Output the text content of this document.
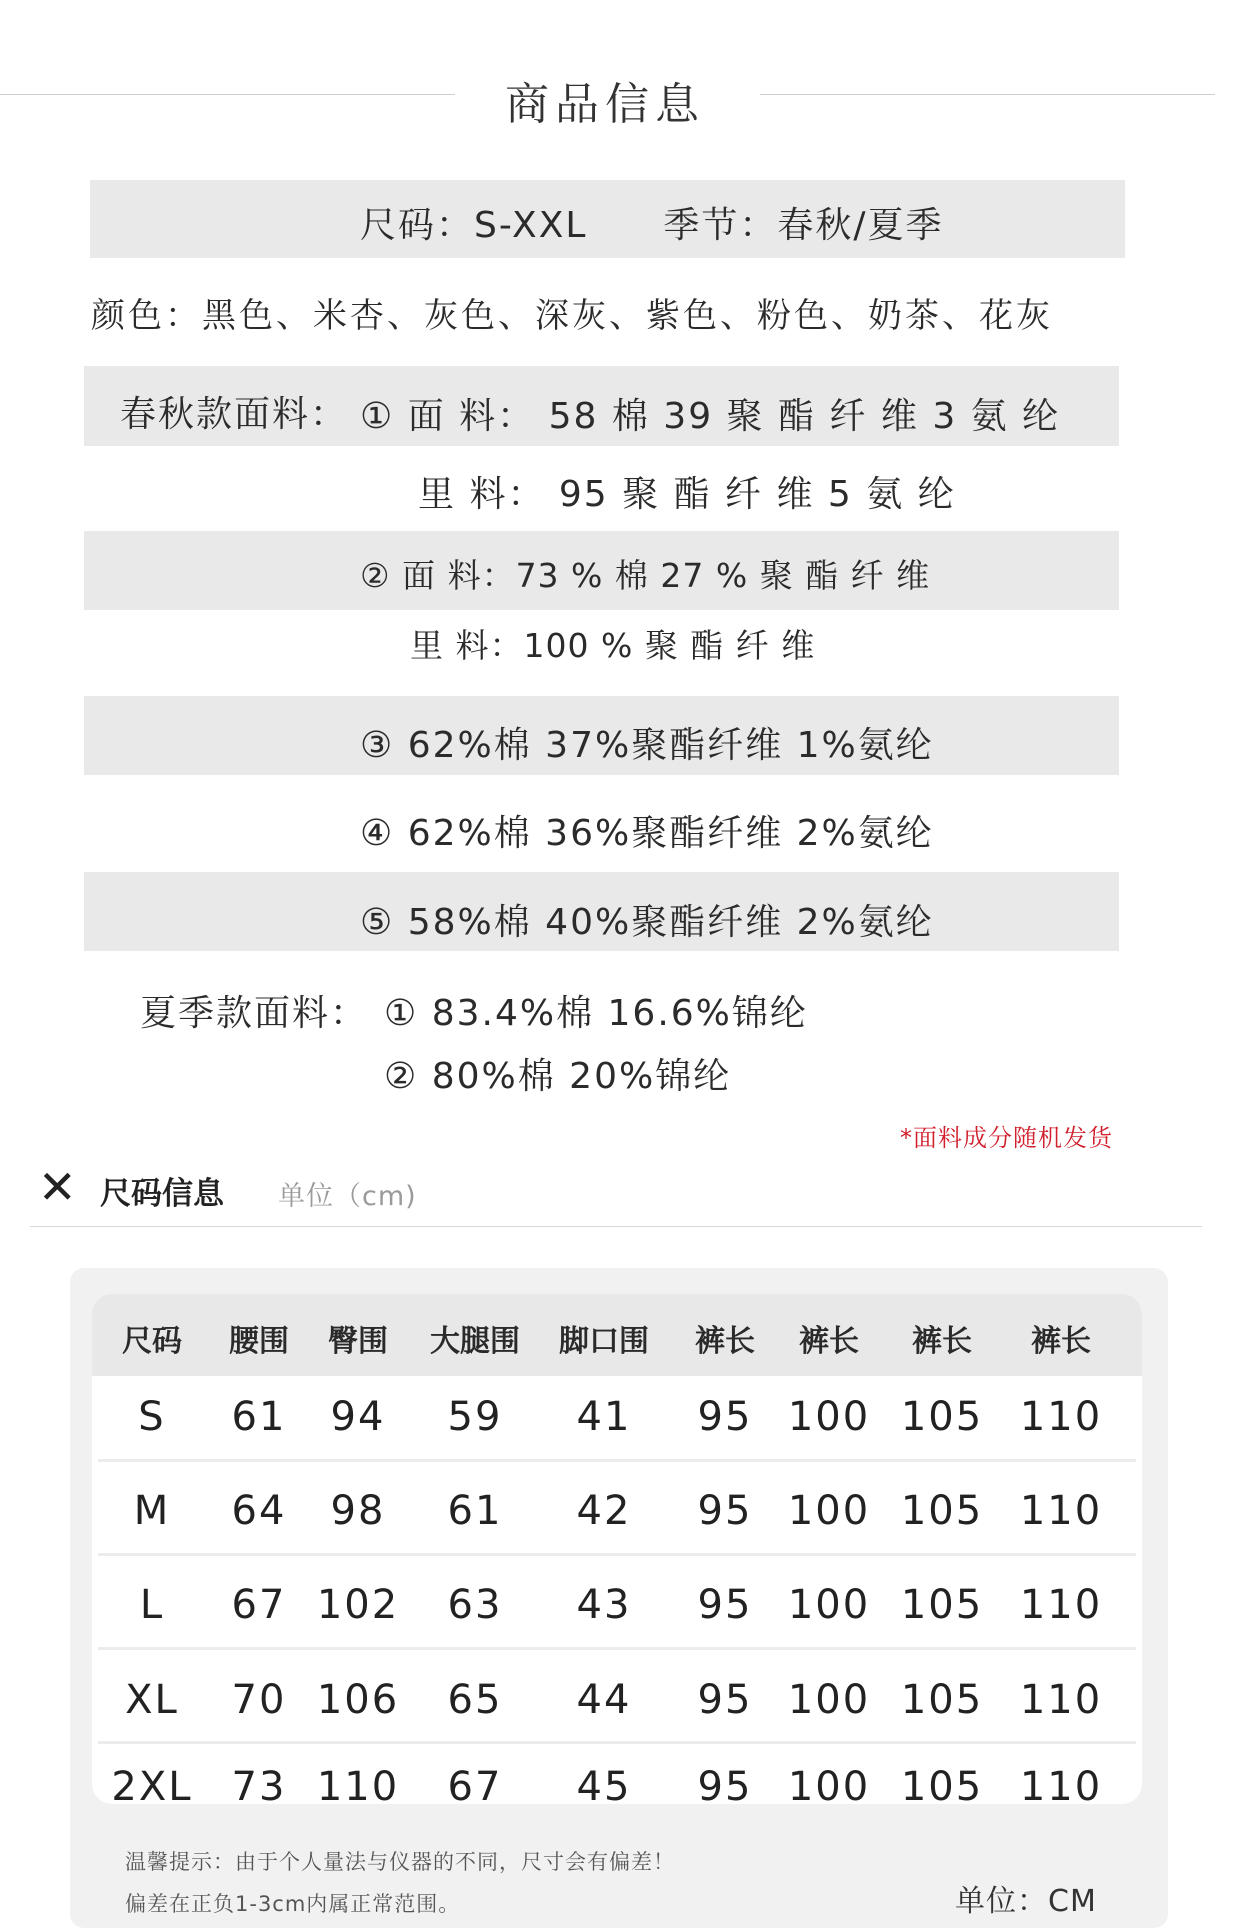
商品信息
尺码：S-XXL　　季节：春秋/夏季
颜色：黑色、米杏、灰色、深灰、紫色、粉色、奶茶、花灰
春秋款面料： ① 面 料： 58 棉 39 聚 酯 纤 维 3 氨 纶
里 料： 95 聚 酯 纤 维 5 氨 纶
② 面 料：73 % 棉 27 % 聚 酯 纤 维
里 料：100 % 聚 酯 纤 维
③ 62%棉 37%聚酯纤维 1%氨纶
④ 62%棉 36%聚酯纤维 2%氨纶
⑤ 58%棉 40%聚酯纤维 2%氨纶
夏季款面料： ① 83.4%棉 16.6%锦纶
② 80%棉 20%锦纶
*面料成分随机发货
✕ 尺码信息 单位（cm)
尺码 腰围 臀围 大腿围 脚口围 裤长 裤长 裤长 裤长
S 61 94 59 41 95 100 105 110
M 64 98 61 42 95 100 105 110
L 67 102 63 43 95 100 105 110
XL 70 106 65 44 95 100 105 110
2XL 73 110 67 45 95 100 105 110
温馨提示：由于个人量法与仪器的不同，尺寸会有偏差！
偏差在正负1-3cm内属正常范围。	单位：CM
